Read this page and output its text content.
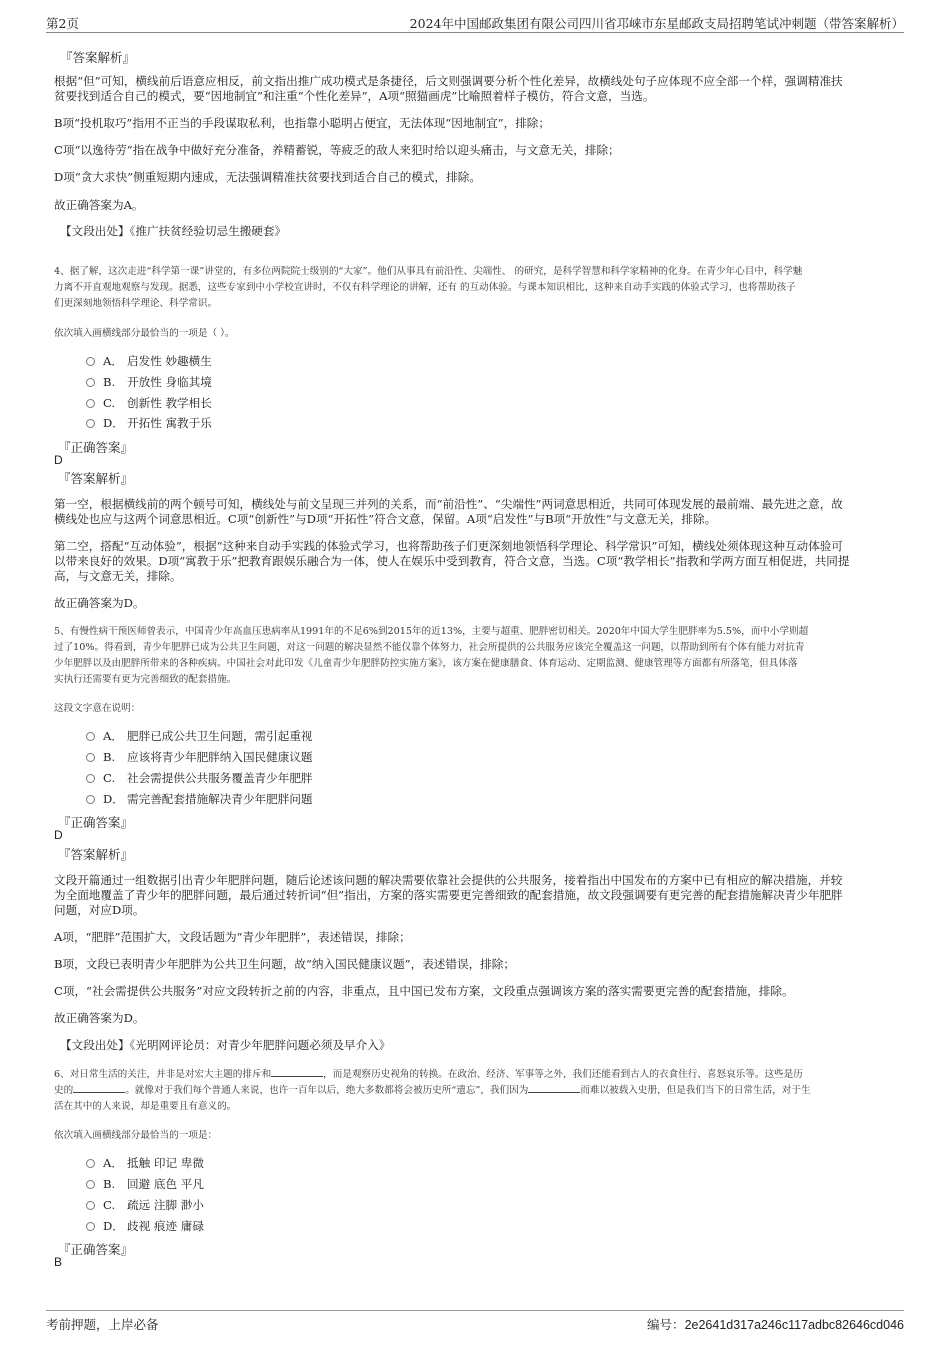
第2页	2024年中国邮政集团有限公司四川省邛崃市东星邮政支局招聘笔试冲刺题（带答案解析）
『答案解析』
根据“但”可知，横线前后语意应相反，前文指出推广成功模式是条捷径，后文则强调要分析个性化差异，故横线处句子应体现不应全部一个样，强调精准扶
贫要找到适合自己的模式，要“因地制宜”和注重“个性化差异”，A项“照猫画虎”比喻照着样子模仿，符合文意，当选。
B项“投机取巧”指用不正当的手段谋取私利，也指靠小聪明占便宜，无法体现“因地制宜”，排除；
C项“以逸待劳”指在战争中做好充分准备，养精蓄锐，等疲乏的敌人来犯时给以迎头痛击，与文意无关，排除；
D项“贪大求快”侧重短期内速成，无法强调精准扶贫要找到适合自己的模式，排除。
故正确答案为A。
【文段出处】《推广扶贫经验切忌生搬硬套》
4、据了解，这次走进“科学第一课”讲堂的，有多位两院院士级别的“大家”。他们从事具有前沿性、尖端性、 的研究，是科学智慧和科学家精神的化身。在青少年心目中，科学魅
力离不开直观地观察与发现。据悉，这些专家到中小学校宣讲时，不仅有科学理论的讲解，还有 的互动体验。与课本知识相比，这种来自动手实践的体验式学习，也将帮助孩子
们更深刻地领悟科学理论、科学常识。
依次填入画横线部分最恰当的一项是（ ）。
A． 启发性 妙趣横生
B. 开放性 身临其境
C. 创新性 教学相长
D． 开拓性 寓教于乐
『正确答案』
D
『答案解析』
第一空，根据横线前的两个顿号可知，横线处与前文呈现三并列的关系，而“前沿性”、“尖端性”两词意思相近，共同可体现发展的最前端、最先进之意，故
横线处也应与这两个词意思相近。C项“创新性”与D项“开拓性”符合文意，保留。A项“启发性”与B项“开放性”与文意无关，排除。
第二空，搭配“互动体验”，根据“这种来自动手实践的体验式学习，也将帮助孩子们更深刻地领悟科学理论、科学常识”可知，横线处须体现这种互动体验可
以带来良好的效果。D项“寓教于乐”把教育跟娱乐融合为一体，使人在娱乐中受到教育，符合文意，当选。C项“教学相长”指教和学两方面互相促进，共同提
高，与文意无关，排除。
故正确答案为D。
5、有慢性病干预医师曾表示，中国青少年高血压患病率从1991年的不足6%到2015年的近13%，主要与超重、肥胖密切相关。2020年中国大学生肥胖率为5.5%，而中小学则超
过了10%。得看到，青少年肥胖已成为公共卫生问题，对这一问题的解决显然不能仅靠个体努力，社会所提供的公共服务应该完全覆盖这一问题，以帮助到所有个体有能力对抗青
少年肥胖以及由肥胖所带来的各种疾病。中国社会对此印发《儿童青少年肥胖防控实施方案》，该方案在健康膳食、体育运动、定期监测、健康管理等方面都有所落笔，但具体落
实执行还需要有更为完善细致的配套措施。
这段文字意在说明：
A． 肥胖已成公共卫生问题，需引起重视
B. 应该将青少年肥胖纳入国民健康议题
C. 社会需提供公共服务覆盖青少年肥胖
D． 需完善配套措施解决青少年肥胖问题
『正确答案』
D
『答案解析』
文段开篇通过一组数据引出青少年肥胖问题，随后论述该问题的解决需要依靠社会提供的公共服务，接着指出中国发布的方案中已有相应的解决措施，并较
为全面地覆盖了青少年的肥胖问题，最后通过转折词“但”指出，方案的落实需要更完善细致的配套措施，故文段强调要有更完善的配套措施解决青少年肥胖
问题，对应D项。
A项，“肥胖”范围扩大，文段话题为“青少年肥胖”，表述错误，排除；
B项，文段已表明青少年肥胖为公共卫生问题，故“纳入国民健康议题”，表述错误，排除；
C项，“社会需提供公共服务”对应文段转折之前的内容，非重点，且中国已发布方案，文段重点强调该方案的落实需要更完善的配套措施，排除。
故正确答案为D。
【文段出处】《光明网评论员：对青少年肥胖问题必须及早介入》
6、对日常生活的关注，并非是对宏大主题的排斥和	，而是观察历史视角的转换。在政治、经济、军事等之外，我们还能看到古人的衣食住行、喜怒哀乐等。这些是历
史的	。就像对于我们每个普通人来说，也许一百年以后，绝大多数都将会被历史所“遗忘”，我们因为	而难以被载入史册，但是我们当下的日常生活，对于生
活在其中的人来说，却是重要且有意义的。
依次填入画横线部分最恰当的一项是：
A． 抵触 印记 卑微
B. 回避 底色 平凡
C. 疏远 注脚 渺小
D． 歧视 痕迹 庸碌
『正确答案』
B
考前押题，上岸必备	编号：2e2641d317a246c117adbc82646cd046
